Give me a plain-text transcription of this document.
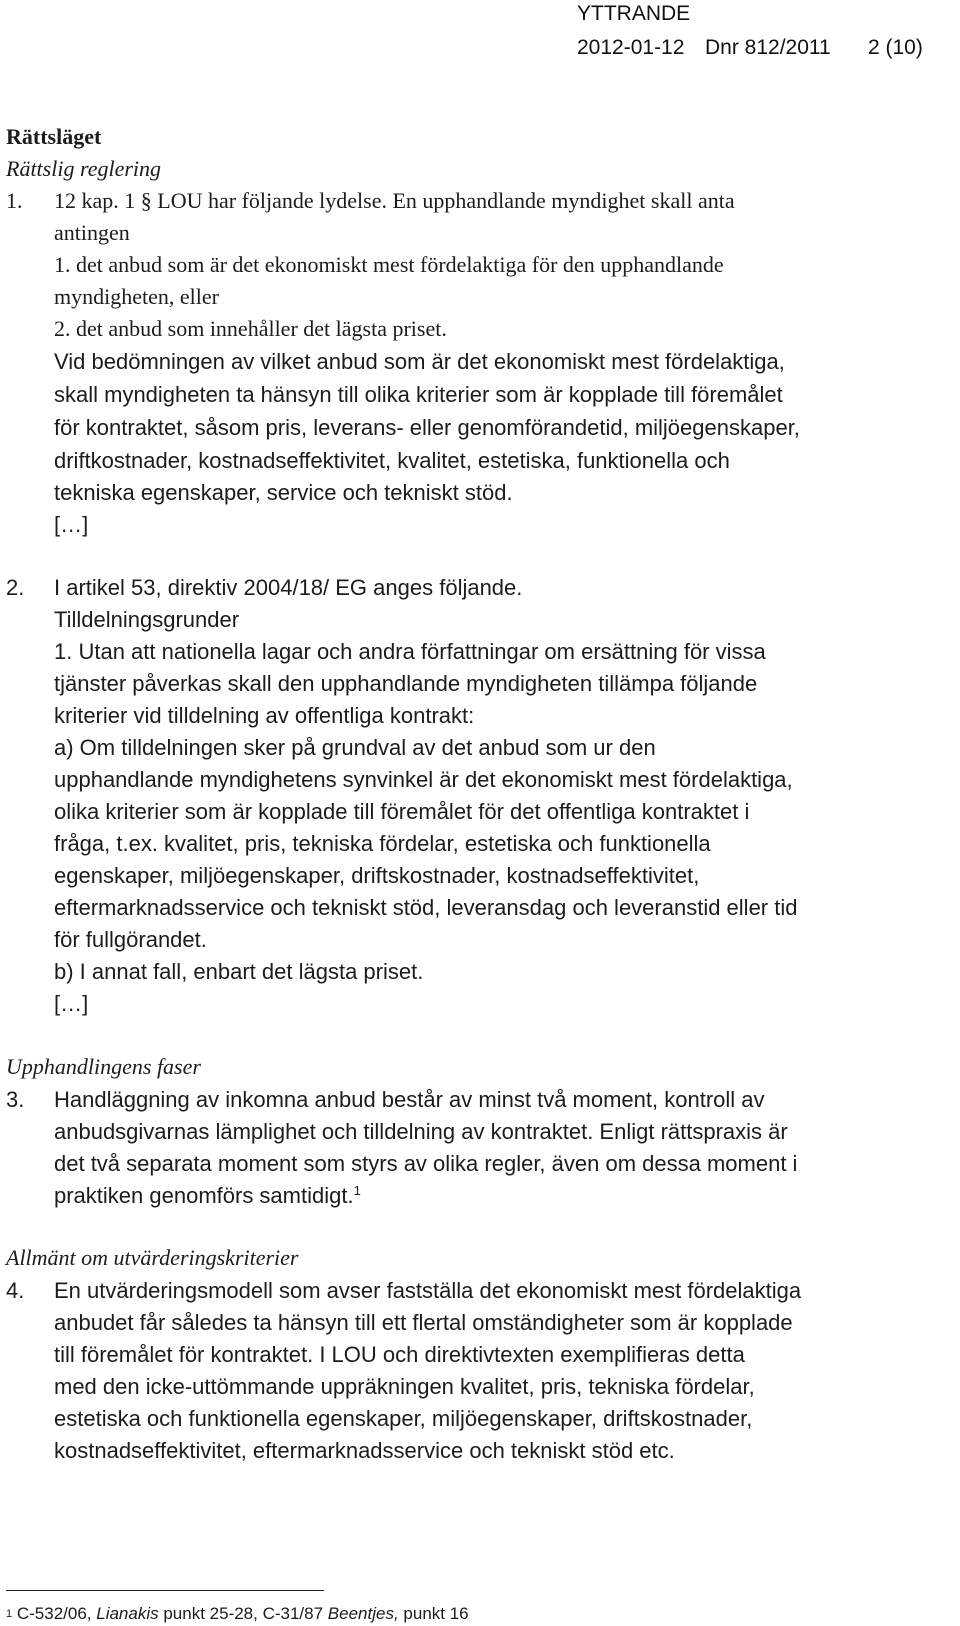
YTTRANDE
2012-01-12 Dnr 812/2011 2 (10)
Rättsläget
Rättslig reglering
1. 12 kap. 1 § LOU har följande lydelse. En upphandlande myndighet skall anta
antingen
1. det anbud som är det ekonomiskt mest fördelaktiga för den upphandlande
myndigheten, eller
2. det anbud som innehåller det lägsta priset.
Vid bedömningen av vilket anbud som är det ekonomiskt mest fördelaktiga,
skall myndigheten ta hänsyn till olika kriterier som är kopplade till föremålet
för kontraktet, såsom pris, leverans- eller genomförandetid, miljöegenskaper,
driftkostnader, kostnadseffektivitet, kvalitet, estetiska, funktionella och
tekniska egenskaper, service och tekniskt stöd.
[…]
2. I artikel 53, direktiv 2004/18/ EG anges följande.
Tilldelningsgrunder
1. Utan att nationella lagar och andra författningar om ersättning för vissa
tjänster påverkas skall den upphandlande myndigheten tillämpa följande
kriterier vid tilldelning av offentliga kontrakt:
a) Om tilldelningen sker på grundval av det anbud som ur den
upphandlande myndighetens synvinkel är det ekonomiskt mest fördelaktiga,
olika kriterier som är kopplade till föremålet för det offentliga kontraktet i
fråga, t.ex. kvalitet, pris, tekniska fördelar, estetiska och funktionella
egenskaper, miljöegenskaper, driftskostnader, kostnadseffektivitet,
eftermarknadsservice och tekniskt stöd, leveransdag och leveranstid eller tid
för fullgörandet.
b) I annat fall, enbart det lägsta priset.
[…]
Upphandlingens faser
3. Handläggning av inkomna anbud består av minst två moment, kontroll av
anbudsgivarnas lämplighet och tilldelning av kontraktet. Enligt rättspraxis är
det två separata moment som styrs av olika regler, även om dessa moment i
praktiken genomförs samtidigt.$^1$
Allmänt om utvärderingskriterier
4. En utvärderingsmodell som avser fastställa det ekonomiskt mest fördelaktiga
anbudet får således ta hänsyn till ett flertal omständigheter som är kopplade
till föremålet för kontraktet. I LOU och direktivtexten exemplifieras detta
med den icke-uttömmande uppräkningen kvalitet, pris, tekniska fördelar,
estetiska och funktionella egenskaper, miljöegenskaper, driftskostnader,
kostnadseffektivitet, eftermarknadsservice och tekniskt stöd etc.
$^1$ C-532/06, Lianakis punkt 25-28, C-31/87 Beentjes, punkt 16
